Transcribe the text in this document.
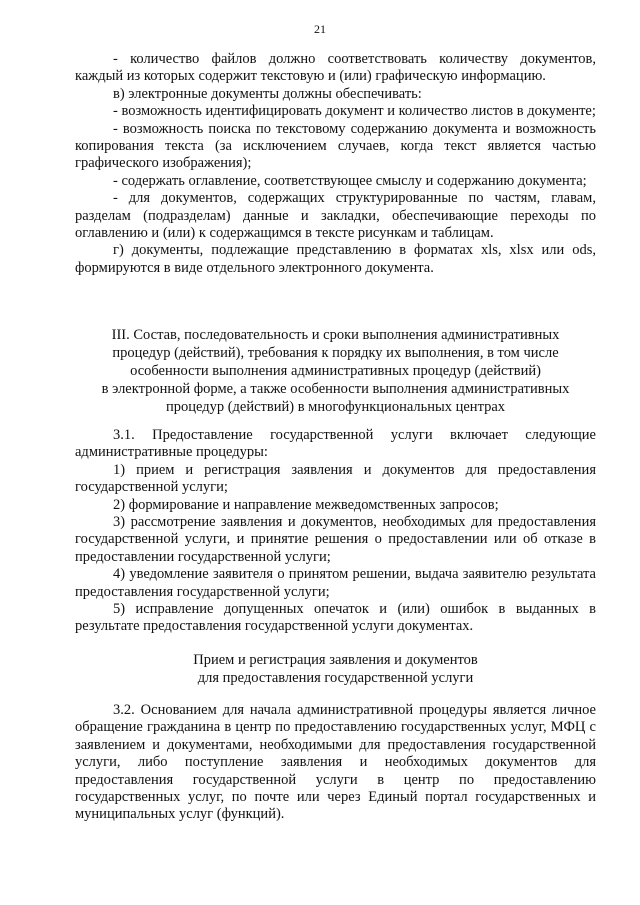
21

- количество файлов должно соответствовать количеству документов, каждый из которых содержит текстовую и (или) графическую информацию.

в) электронные документы должны обеспечивать:

- возможность идентифицировать документ и количество листов в документе;

- возможность поиска по текстовому содержанию документа и возможность копирования текста (за исключением случаев, когда текст является частью графического изображения);

- содержать оглавление, соответствующее смыслу и содержанию документа;

- для документов, содержащих структурированные по частям, главам, разделам (подразделам) данные и закладки, обеспечивающие переходы по оглавлению и (или) к содержащимся в тексте рисункам и таблицам.

г) документы, подлежащие представлению в форматах xls, xlsx или ods, формируются в виде отдельного электронного документа.

III. Состав, последовательность и сроки выполнения административных

процедур (действий), требования к порядку их выполнения, в том числе

особенности выполнения административных процедур (действий)

в электронной форме, а также особенности выполнения административных

процедур (действий) в многофункциональных центрах

3.1. Предоставление государственной услуги включает следующие административные процедуры:

1) прием и регистрация заявления и документов для предоставления государственной услуги;

2) формирование и направление межведомственных запросов;

3) рассмотрение заявления и документов, необходимых для предоставления государственной услуги, и принятие решения о предоставлении или об отказе в предоставлении государственной услуги;

4) уведомление заявителя о принятом решении, выдача заявителю результата предоставления государственной услуги;

5) исправление допущенных опечаток и (или) ошибок в выданных в результате предоставления государственной услуги документах.

Прием и регистрация заявления и документов

для предоставления государственной услуги

3.2. Основанием для начала административной процедуры является личное обращение гражданина в центр по предоставлению государственных услуг, МФЦ с заявлением и документами, необходимыми для предоставления государственной услуги, либо поступление заявления и необходимых документов для предоставления государственной услуги в центр по предоставлению государственных услуг, по почте или через Единый портал государственных и муниципальных услуг (функций).
